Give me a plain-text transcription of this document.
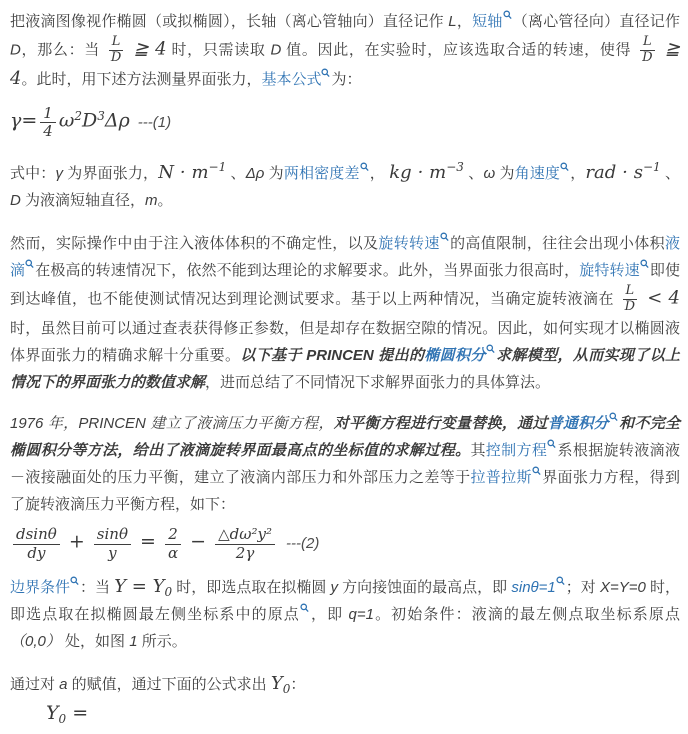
把液滴图像视作椭圆（或拟椭圆），长轴（离心管轴向）直径记作 L，短轴 （离心管径向）直径记作 D，那么：当 $\frac{L}{D}$ ≧ 4 时，只需读取 D 值。因此，在实验时，应该选取合适的转速，使得 $\frac{L}{D}$ ≧ 4。此时，用下述方法测量界面张力，基本公式 为：

$\gamma= \frac{1}{4} \omega^2D^3\Delta\rho$ ---(1)

式中：γ 为界面张力，$N \cdot m^{-1}$ 、Δρ 为两相密度差 ， kg · $m^{-3}$ 、ω 为角速度 ，rad · $s^{-1}$ 、D 为液滴短轴直径，m。

然而，实际操作中由于注入液体体积的不确定性，以及旋转转速 的高值限制，往往会出现小体积液滴 在极高的转速情况下，依然不能到达理论的求解要求。此外，当界面张力很高时，旋特转速 即使到达峰值，也不能使测试情况达到理论测试要求。基于以上两种情况，当确定旋转液滴在 $\frac{L}{D} < 4$ 时，虽然目前可以通过查表获得修正参数，但是却存在数据空隙的情况。因此，如何实现才以椭圆液体界面张力的精确求解十分重要。以下基于 PRINCEN 提出的椭圆积分 求解模型，从而实现了以上情况下的界面张力的数值求解，进而总结了不同情况下求解界面张力的具体算法。

1976 年，PRINCEN 建立了液滴压力平衡方程，对平衡方程进行变量替换，通过普通积分 和不完全椭圆积分等方法，给出了液滴旋转界面最高点的坐标值的求解过程。其控制方程 系根据旋转液滴液－液接融面处的压力平衡，建立了液滴内部压力和外部压力之差等于拉普拉斯 界面张力方程，得到了旋转液滴压力平衡方程，如下：

$\frac{dsin\theta}{dy} + \frac{\sin\theta}{y} = \frac{2}{\alpha} - \frac{\text{△dω²y²}}{2\gamma} ---(2)$

边界条件 ：当 $Y = Y_0$ 时，即选点取在拟椭圆 y 方向接蚀面的最高点，即 sinθ=1 ；对 X=Y=0 时，即选点取在拟椭圆最左侧坐标系中的原点 ，即 q=1。初始条件：液滴的最左侧点取坐标系原点 （0,0） 处，如图 1 所示。

通过对 a 的赋值，通过下面的公式求出 $Y_0$：

$Y_0$ =
